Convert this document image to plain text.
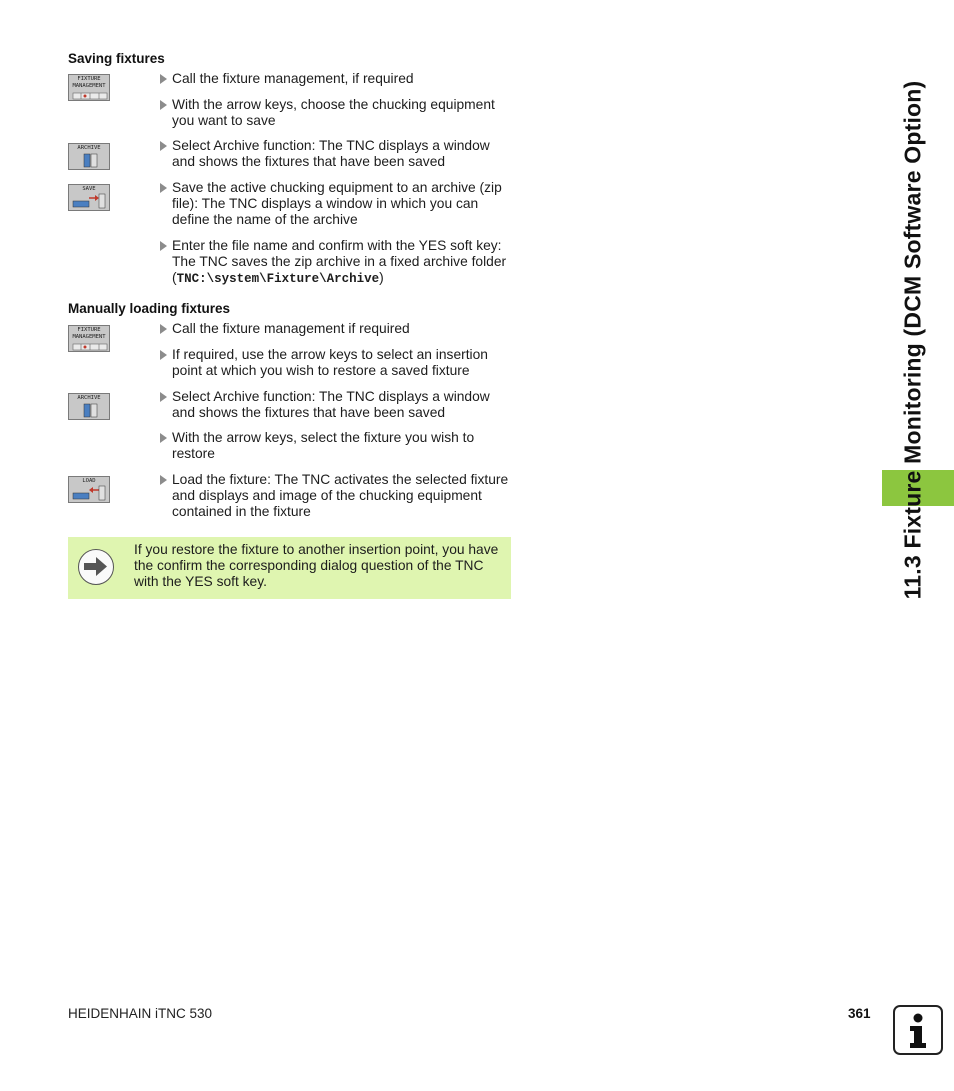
Saving fixtures
FIXTURE
MANAGEMENT	Call the fixture management, if required
With the arrow keys, choose the chucking equipment you want to save
ARCHIVE	Select Archive function: The TNC displays a window and shows the fixtures that have been saved
SAVE	Save the active chucking equipment to an archive (zip file): The TNC displays a window in which you can define the name of the archive
Enter the file name and confirm with the YES soft key: The TNC saves the zip archive in a fixed archive folder (TNC:\system\Fixture\Archive)
Manually loading fixtures
FIXTURE
MANAGEMENT
Call the fixture management if required
If required, use the arrow keys to select an insertion point at which you wish to restore a saved fixture
ARCHIVE	Select Archive function: The TNC displays a window and shows the fixtures that have been saved
With the arrow keys, select the fixture you wish to restore
LOAD	Load the fixture: The TNC activates the selected fixture and displays and image of the chucking equipment contained in the fixture
If you restore the fixture to another insertion point, you have the confirm the corresponding dialog question of the TNC with the YES soft key.	11.3 Fixture Monitoring (DCM Software Option)
HEIDENHAIN iTNC 530	361
